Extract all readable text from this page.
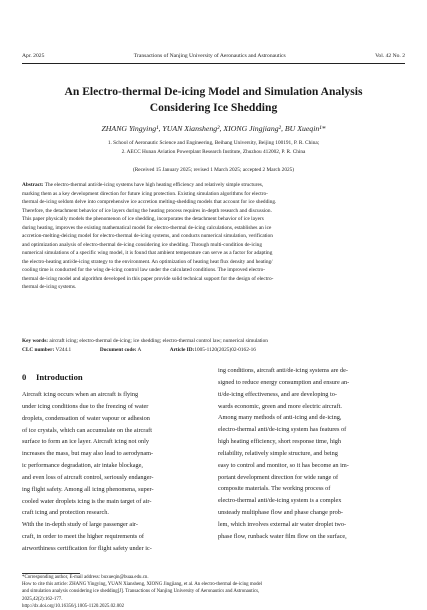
Apr. 2025	Transactions of Nanjing University of Aeronautics and Astronautics	Vol. 42 No. 2
An Electro-thermal De-icing Model and Simulation Analysis
Considering Ice Shedding
ZHANG Yingying¹, YUAN Xiansheng², XIONG Jingjiang², BU Xueqin¹*
1. School of Aeronautic Science and Engineering, Beihang University, Beijing 100191, P. R. China;
2. AECC Hunan Aviation Powerplant Research Institute, Zhuzhou 412002, P. R. China
(Received 15 January 2025; revised 1 March 2025; accepted 2 March 2025)
Abstract: The electro-thermal anti/de-icing systems have high heating efficiency and relatively simple structures,
marking them as a key development direction for future icing protection. Existing simulation algorithms for electro-
thermal de-icing seldom delve into comprehensive ice accretion melting-shedding models that account for ice shedding.
Therefore, the detachment behavior of ice layers during the heating process requires in-depth research and discussion.
This paper physically models the phenomenon of ice shedding, incorporates the detachment behavior of ice layers
during heating, improves the existing mathematical model for electro-thermal de-icing calculations, establishes an ice
accretion-melting-deicing model for electro-thermal de-icing systems, and conducts numerical simulation, verification
and optimization analysis of electro-thermal de-icing considering ice shedding. Through multi-condition de-icing
numerical simulations of a specific wing model, it is found that ambient temperature can serve as a factor for adapting
the electro-heating anti/de-icing strategy to the environment. An optimization of heating heat flux density and heating/
cooling time is conducted for the wing de-icing control law under the calculated conditions. The improved electro-
thermal de-icing model and algorithm developed in this paper provide solid technical support for the design of electro-
thermal de-icing systems.
Key words: aircraft icing; electro-thermal de-icing; ice shedding; electro-thermal control law; numerical simulation
CLC number: V244.1	Document code: A	Article ID:1005-1120(2025)02-0162-16
0 Introduction
Aircraft icing occurs when an aircraft is flying
under icing conditions due to the freezing of water
droplets, condensation of water vapour or adhesion
of ice crystals, which can accumulate on the aircraft
surface to form an ice layer. Aircraft icing not only
increases the mass, but may also lead to aerodynam-
ic performance degradation, air intake blockage,
and even loss of aircraft control, seriously endanger-
ing flight safety. Among all icing phenomena, super-
cooled water droplets icing is the main target of air-
craft icing and protection research.
With the in-depth study of large passenger air-
craft, in order to meet the higher requirements of
airworthiness certification for flight safety under ic-
ing conditions, aircraft anti/de-icing systems are de-
signed to reduce energy consumption and ensure an-
ti/de-icing effectiveness, and are developing to-
wards economic, green and more electric aircraft.
Among many methods of anti-icing and de-icing,
electro-thermal anti/de-icing system has features of
high heating efficiency, short response time, high
reliability, relatively simple structure, and being
easy to control and monitor, so it has become an im-
portant development direction for wide range of
composite materials. The working process of
electro-thermal anti/de-icing system is a complex
unsteady multiphase flow and phase change prob-
lem, which involves external air water droplet two-
phase flow, runback water film flow on the surface,
*Corresponding author, E-mail address: buxueqin@buaa.edu.cn.
How to cite this article: ZHANG Yingying, YUAN Xiansheng, XIONG Jingjiang, et al. An electro-thermal de-icing model
and simulation analysis considering ice shedding[J]. Transactions of Nanjing University of Aeronautics and Astronautics,
2025,42(2):162-177.
http://dx.doi.org/10.16356/j.1005-1120.2025.02.002
